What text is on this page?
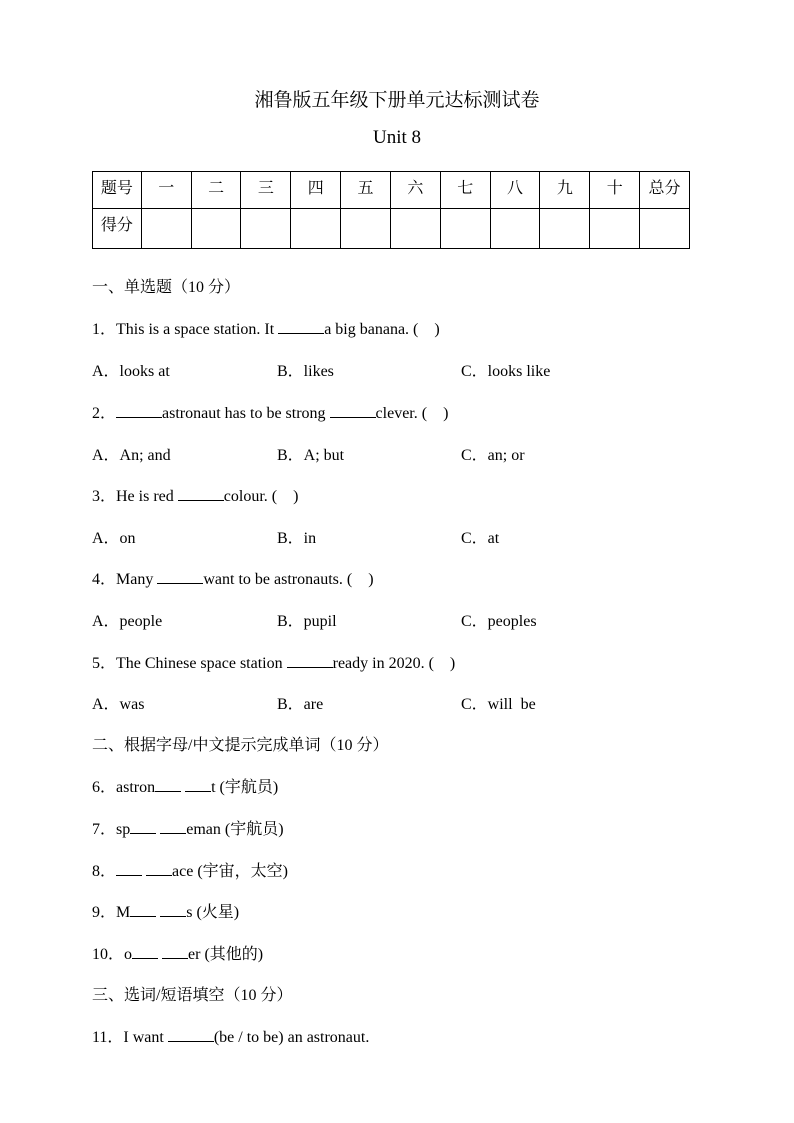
湘鲁版五年级下册单元达标测试卷
Unit 8
题号	一	二	三	四	五	六	七	八	九	十	总分
得分											
一、单选题（10 分）
1．This is a space station. It	a big banana. (    )
A．looks at	B．likes	C．looks like
2．	astronaut has to be strong	clever. (    )
A．An; and	B．A; but	C．an; or
3．He is red	colour. (    )
A．on	B．in	C．at
4．Many	want to be astronauts. (    )
A．people	B．pupil	C．peoples
5．The Chinese space station	ready in 2020. (    )
A．was	B．are	C．will  be
二、根据字母/中文提示完成单词（10 分）
6．astron	t (宇航员)
7．sp	eman (宇航员)
8．	ace (宇宙，太空)
9．M	s (火星)
10．o	er (其他的)
三、选词/短语填空（10 分）
11．I want	(be / to be) an astronaut.
